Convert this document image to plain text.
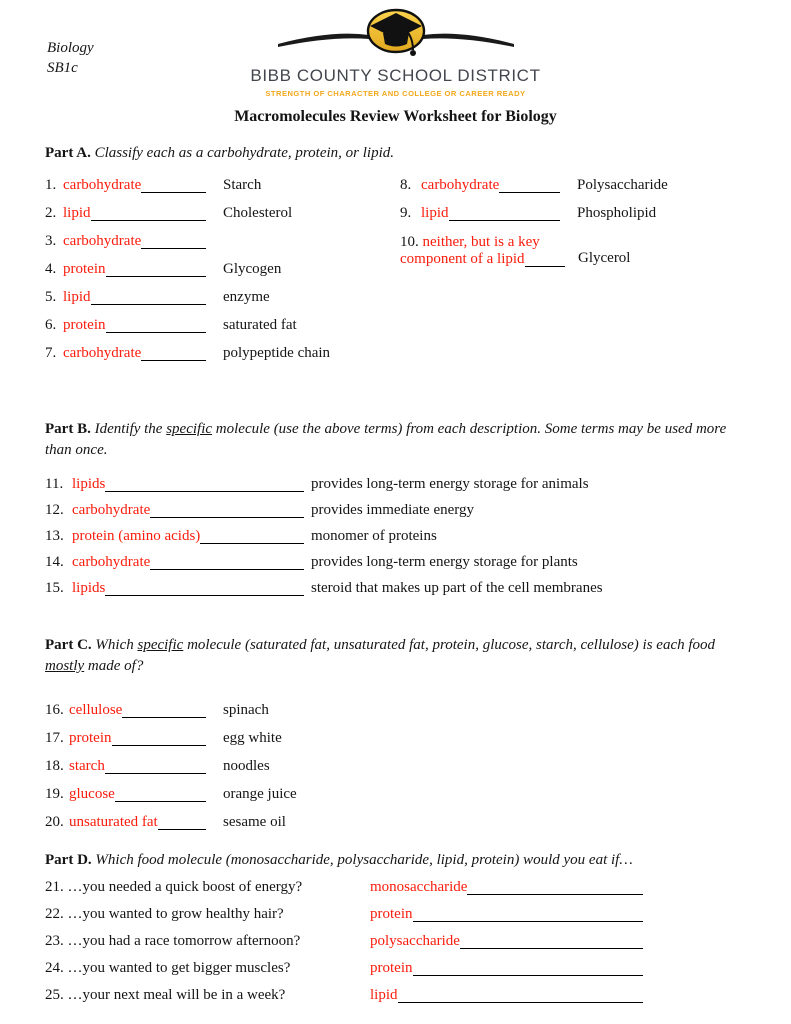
Biology
SB1c	BIBB COUNTY SCHOOL DISTRICT
STRENGTH OF CHARACTER AND COLLEGE OR CAREER READY
Macromolecules Review Worksheet for Biology

Part A. Classify each as a carbohydrate, protein, or lipid.

1. carbohydrate	Starch
2. lipid	Cholesterol
3. carbohydrate
4. protein	Glycogen
5. lipid	enzyme
6. protein	saturated fat
7. carbohydrate	polypeptide chain
8. carbohydrate	Polysaccharide
9. lipid	Phospholipid
10. neither, but is a key
component of a lipid	Glycerol

Part B. Identify the specific molecule (use the above terms) from each description. Some terms may be used more than once.

11. lipids	provides long-term energy storage for animals
12. carbohydrate	provides immediate energy
13. protein (amino acids)	monomer of proteins
14. carbohydrate	provides long-term energy storage for plants
15. lipids	steroid that makes up part of the cell membranes

Part C. Which specific molecule (saturated fat, unsaturated fat, protein, glucose, starch, cellulose) is each food mostly made of?

16. cellulose	spinach
17. protein	egg white
18. starch	noodles
19. glucose	orange juice
20. unsaturated fat	sesame oil

Part D. Which food molecule (monosaccharide, polysaccharide, lipid, protein) would you eat if…

21. …you needed a quick boost of energy?	monosaccharide
22. …you wanted to grow healthy hair?	protein
23. …you had a race tomorrow afternoon?	polysaccharide
24. …you wanted to get bigger muscles?	protein
25. …your next meal will be in a week?	lipid
